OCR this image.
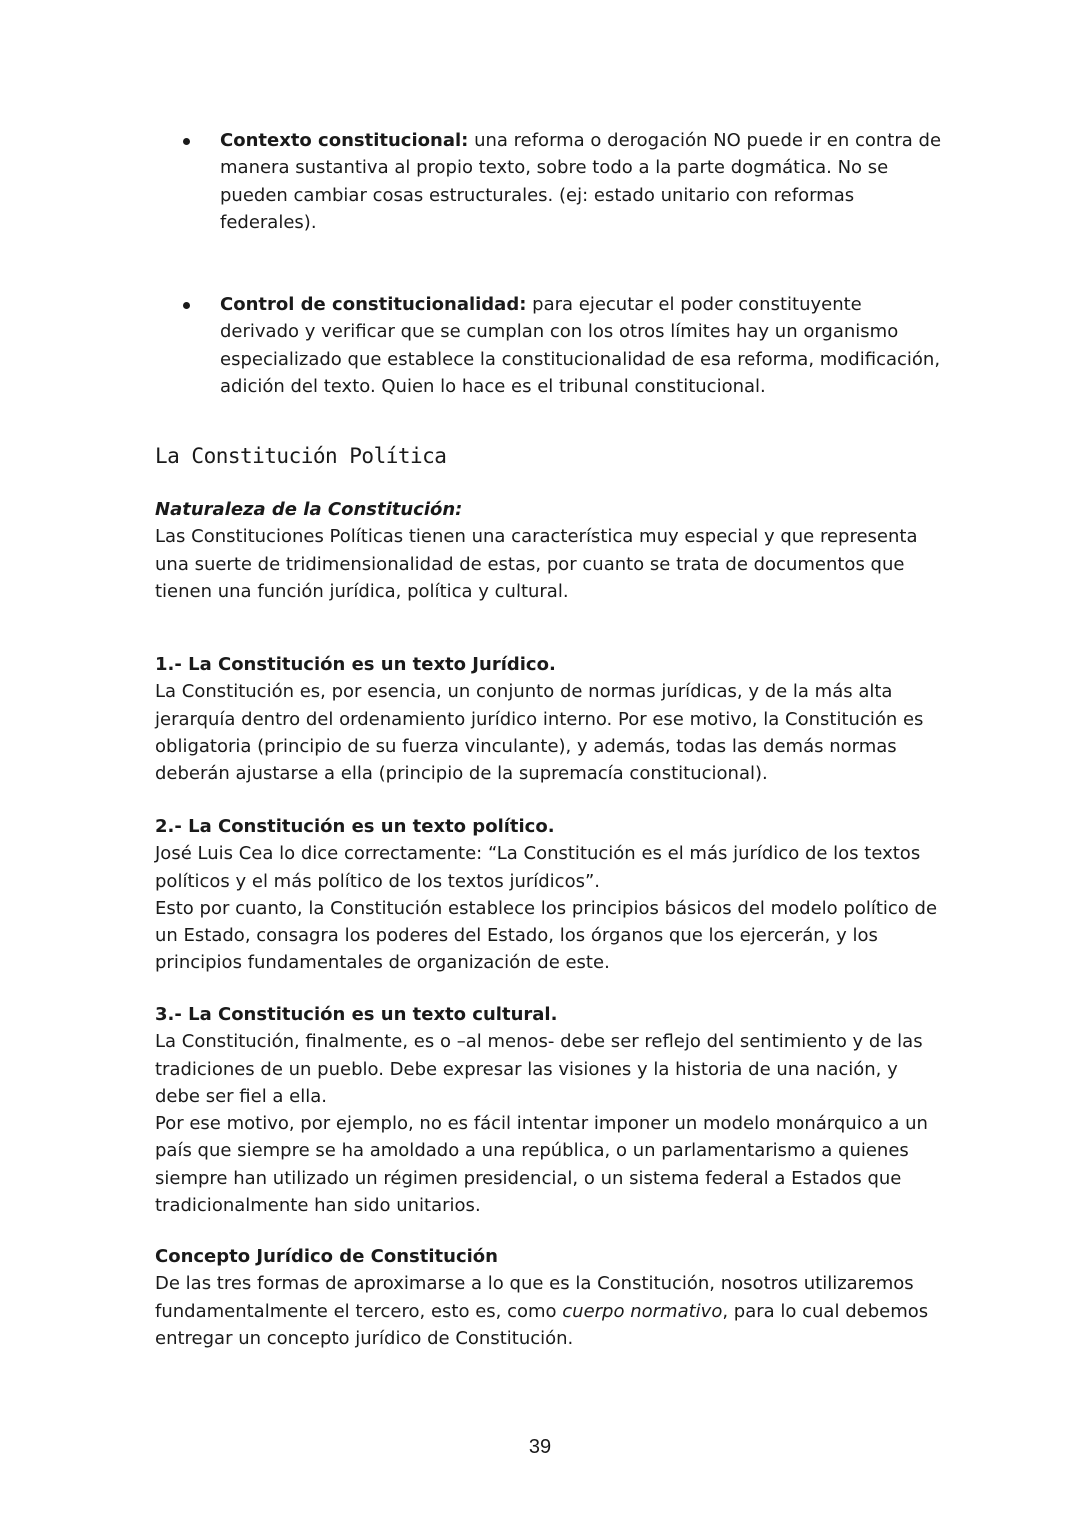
Contexto constitucional: una reforma o derogación NO puede ir en contra de manera sustantiva al propio texto, sobre todo a la parte dogmática. No se pueden cambiar cosas estructurales. (ej: estado unitario con reformas federales).
Control de constitucionalidad: para ejecutar el poder constituyente derivado y verificar que se cumplan con los otros límites hay un organismo especializado que establece la constitucionalidad de esa reforma, modificación, adición del texto. Quien lo hace es el tribunal constitucional.
La Constitución Política
Naturaleza de la Constitución:
Las Constituciones Políticas tienen una característica muy especial y que representa una suerte de tridimensionalidad de estas, por cuanto se trata de documentos que tienen una función jurídica, política y cultural.
1.- La Constitución es un texto Jurídico.
La Constitución es, por esencia, un conjunto de normas jurídicas, y de la más alta jerarquía dentro del ordenamiento jurídico interno. Por ese motivo, la Constitución es obligatoria (principio de su fuerza vinculante), y además, todas las demás normas deberán ajustarse a ella (principio de la supremacía constitucional).
2.- La Constitución es un texto político.
José Luis Cea lo dice correctamente: “La Constitución es el más jurídico de los textos políticos y el más político de los textos jurídicos”.
Esto por cuanto, la Constitución establece los principios básicos del modelo político de un Estado, consagra los poderes del Estado, los órganos que los ejercerán, y los principios fundamentales de organización de este.
3.- La Constitución es un texto cultural.
La Constitución, finalmente, es o –al menos- debe ser reflejo del sentimiento y de las tradiciones de un pueblo. Debe expresar las visiones y la historia de una nación, y debe ser fiel a ella.
Por ese motivo, por ejemplo, no es fácil intentar imponer un modelo monárquico a un país que siempre se ha amoldado a una república, o un parlamentarismo a quienes siempre han utilizado un régimen presidencial, o un sistema federal a Estados que tradicionalmente han sido unitarios.
Concepto Jurídico de Constitución
De las tres formas de aproximarse a lo que es la Constitución, nosotros utilizaremos fundamentalmente el tercero, esto es, como cuerpo normativo, para lo cual debemos entregar un concepto jurídico de Constitución.
39
